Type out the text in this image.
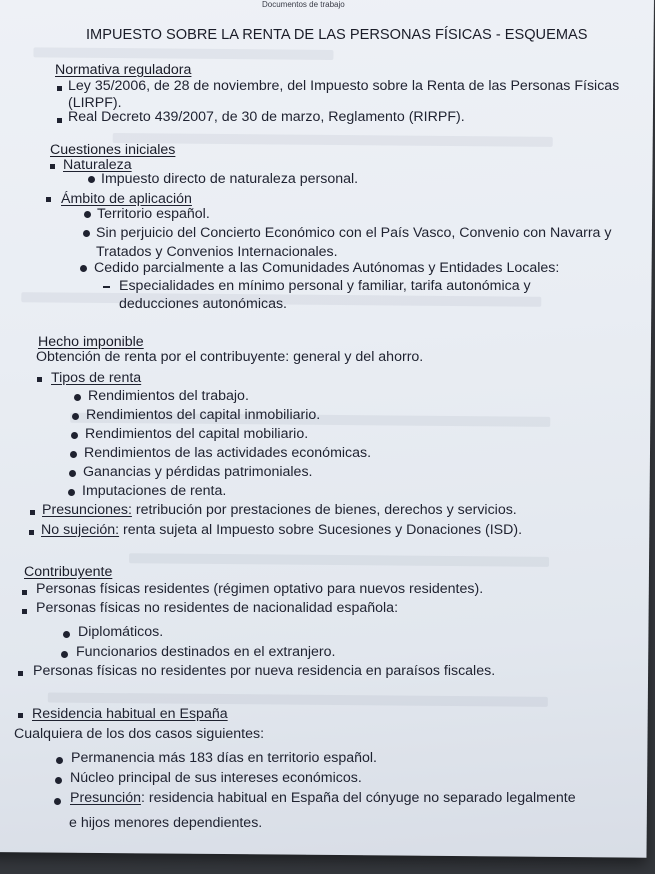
Documentos de trabajo
IMPUESTO SOBRE LA RENTA DE LAS PERSONAS FÍSICAS - ESQUEMAS
Normativa reguladora
Ley 35/2006, de 28 de noviembre, del Impuesto sobre la Renta de las Personas Físicas
(LIRPF).
Real Decreto 439/2007, de 30 de marzo, Reglamento (RIRPF).
Cuestiones iniciales
Naturaleza
Impuesto directo de naturaleza personal.
Ámbito de aplicación
Territorio español.
Sin perjuicio del Concierto Económico con el País Vasco, Convenio con Navarra y
Tratados y Convenios Internacionales.
Cedido parcialmente a las Comunidades Autónomas y Entidades Locales:
Especialidades en mínimo personal y familiar, tarifa autonómica y
deducciones autonómicas.
Hecho imponible
Obtención de renta por el contribuyente: general y del ahorro.
Tipos de renta
Rendimientos del trabajo.
Rendimientos del capital inmobiliario.
Rendimientos del capital mobiliario.
Rendimientos de las actividades económicas.
Ganancias y pérdidas patrimoniales.
Imputaciones de renta.
Presunciones: retribución por prestaciones de bienes, derechos y servicios.
No sujeción: renta sujeta al Impuesto sobre Sucesiones y Donaciones (ISD).
Contribuyente
Personas físicas residentes (régimen optativo para nuevos residentes).
Personas físicas no residentes de nacionalidad española:
Diplomáticos.
Funcionarios destinados en el extranjero.
Personas físicas no residentes por nueva residencia en paraísos fiscales.
Residencia habitual en España
Cualquiera de los dos casos siguientes:
Permanencia más 183 días en territorio español.
Núcleo principal de sus intereses económicos.
Presunción: residencia habitual en España del cónyuge no separado legalmente
e hijos menores dependientes.
